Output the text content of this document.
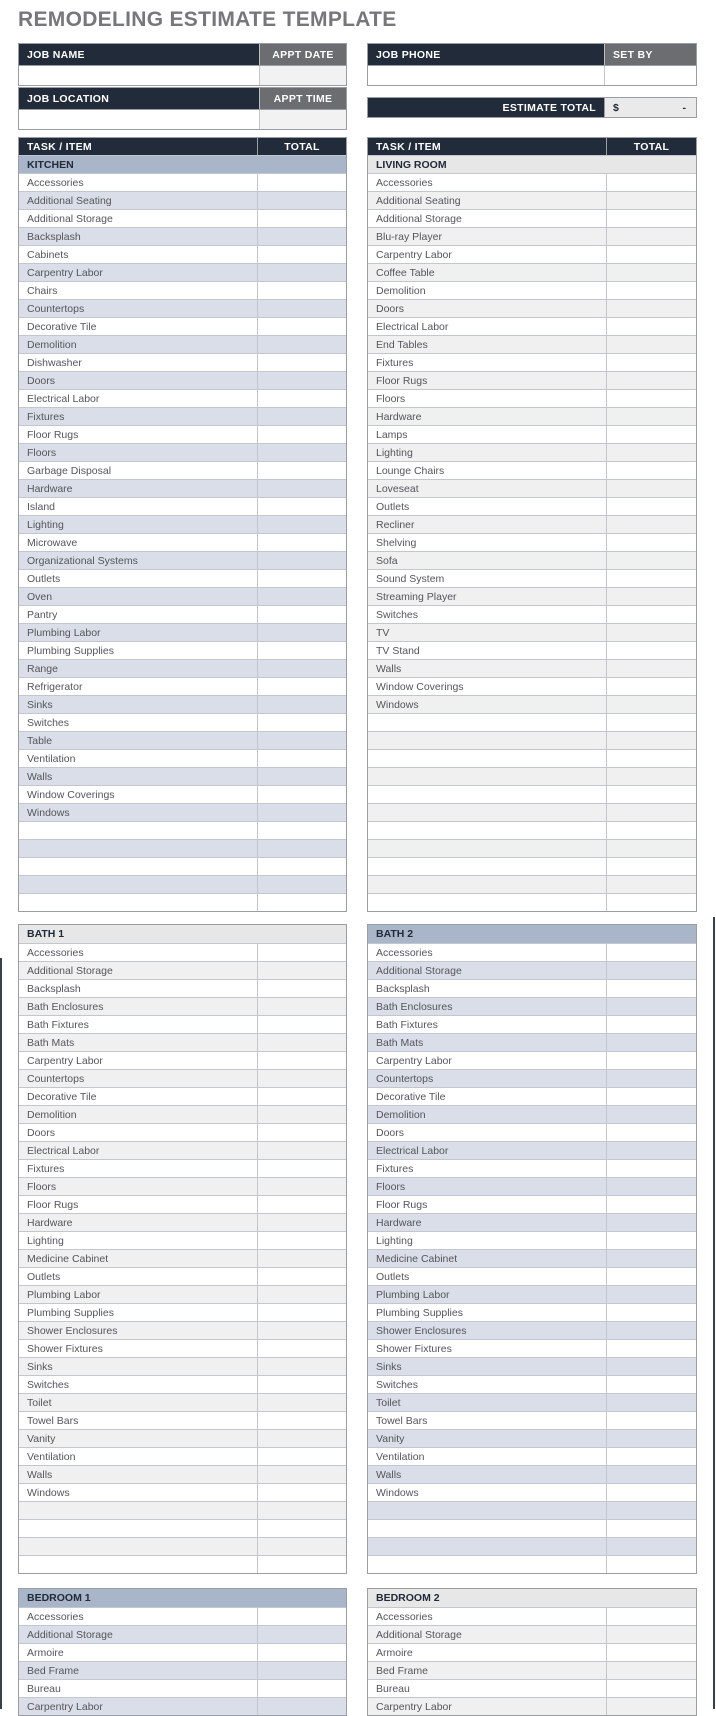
REMODELING ESTIMATE TEMPLATE
JOB NAME	APPT DATE
JOB LOCATION	APPT TIME
JOB PHONE	SET BY
ESTIMATE TOTAL	$	-
TASK / ITEM	TOTAL
KITCHEN
Accessories
Additional Seating
Additional Storage
Backsplash
Cabinets
Carpentry Labor
Chairs
Countertops
Decorative Tile
Demolition
Dishwasher
Doors
Electrical Labor
Fixtures
Floor Rugs
Floors
Garbage Disposal
Hardware
Island
Lighting
Microwave
Organizational Systems
Outlets
Oven
Pantry
Plumbing Labor
Plumbing Supplies
Range
Refrigerator
Sinks
Switches
Table
Ventilation
Walls
Window Coverings
Windows
TASK / ITEM	TOTAL
LIVING ROOM
Accessories
Additional Seating
Additional Storage
Blu-ray Player
Carpentry Labor
Coffee Table
Demolition
Doors
Electrical Labor
End Tables
Fixtures
Floor Rugs
Floors
Hardware
Lamps
Lighting
Lounge Chairs
Loveseat
Outlets
Recliner
Shelving
Sofa
Sound System
Streaming Player
Switches
TV
TV Stand
Walls
Window Coverings
Windows
BATH 1
Accessories
Additional Storage
Backsplash
Bath Enclosures
Bath Fixtures
Bath Mats
Carpentry Labor
Countertops
Decorative Tile
Demolition
Doors
Electrical Labor
Fixtures
Floors
Floor Rugs
Hardware
Lighting
Medicine Cabinet
Outlets
Plumbing Labor
Plumbing Supplies
Shower Enclosures
Shower Fixtures
Sinks
Switches
Toilet
Towel Bars
Vanity
Ventilation
Walls
Windows
BATH 2
Accessories
Additional Storage
Backsplash
Bath Enclosures
Bath Fixtures
Bath Mats
Carpentry Labor
Countertops
Decorative Tile
Demolition
Doors
Electrical Labor
Fixtures
Floors
Floor Rugs
Hardware
Lighting
Medicine Cabinet
Outlets
Plumbing Labor
Plumbing Supplies
Shower Enclosures
Shower Fixtures
Sinks
Switches
Toilet
Towel Bars
Vanity
Ventilation
Walls
Windows
BEDROOM 1
Accessories
Additional Storage
Armoire
Bed Frame
Bureau
Carpentry Labor
BEDROOM 2
Accessories
Additional Storage
Armoire
Bed Frame
Bureau
Carpentry Labor
